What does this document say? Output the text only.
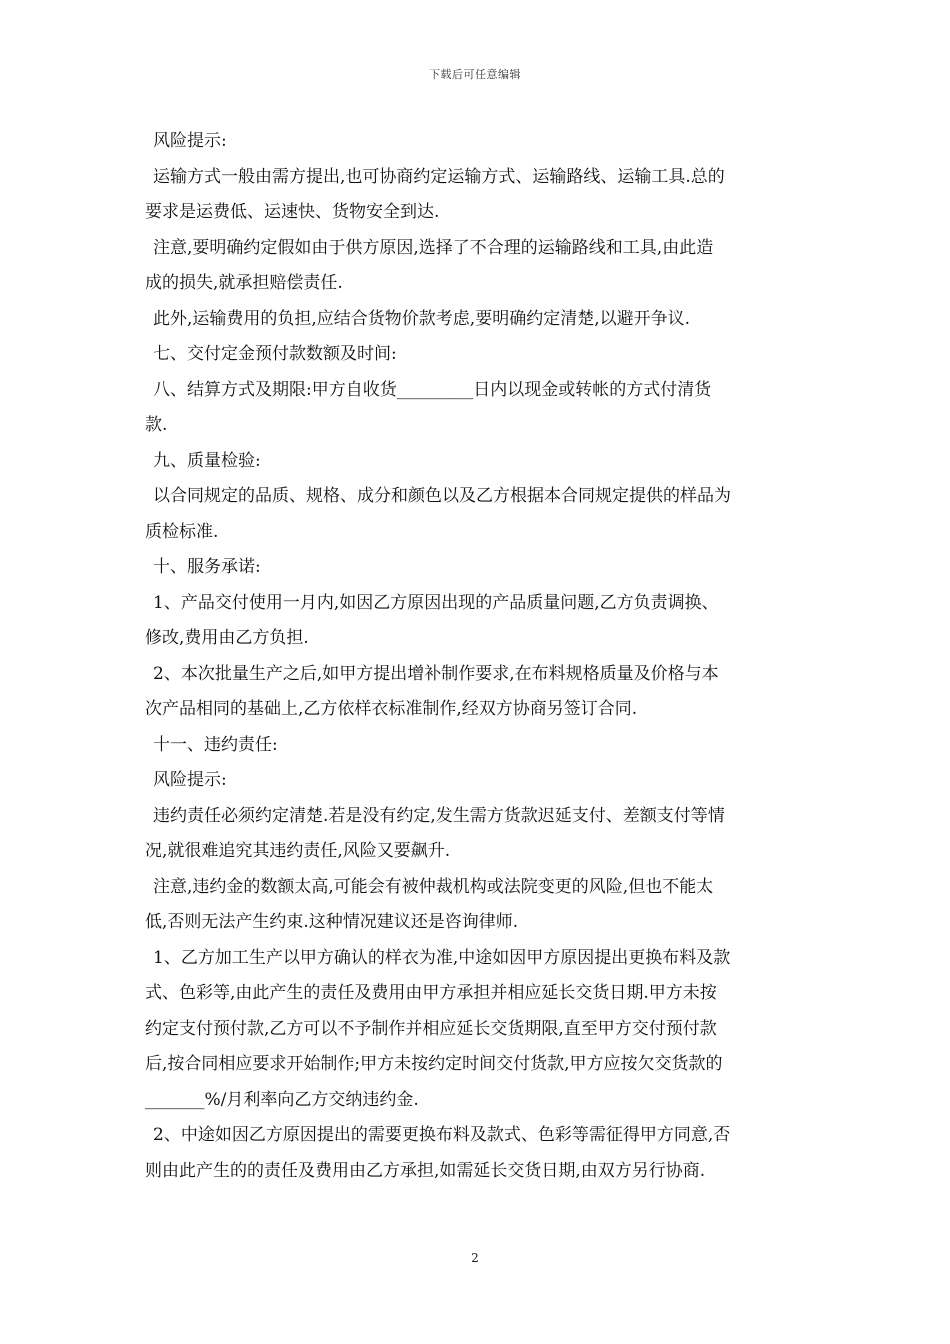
下载后可任意编辑
风险提示:
运输方式一般由需方提出,也可协商约定运输方式、运输路线、运输工具.总的
要求是运费低、运速快、货物安全到达.
注意,要明确约定假如由于供方原因,选择了不合理的运输路线和工具,由此造
成的损失,就承担赔偿责任.
此外,运输费用的负担,应结合货物价款考虑,要明确约定清楚,以避开争议.
七、交付定金预付款数额及时间:
八、结算方式及期限:甲方自收货_________日内以现金或转帐的方式付清货
款.
九、质量检验:
以合同规定的品质、规格、成分和颜色以及乙方根据本合同规定提供的样品为
质检标准.
十、服务承诺:
1、产品交付使用一月内,如因乙方原因出现的产品质量问题,乙方负责调换、
修改,费用由乙方负担.
2、本次批量生产之后,如甲方提出增补制作要求,在布料规格质量及价格与本
次产品相同的基础上,乙方依样衣标准制作,经双方协商另签订合同.
十一、违约责任:
风险提示:
违约责任必须约定清楚.若是没有约定,发生需方货款迟延支付、差额支付等情
况,就很难追究其违约责任,风险又要飙升.
注意,违约金的数额太高,可能会有被仲裁机构或法院变更的风险,但也不能太
低,否则无法产生约束.这种情况建议还是咨询律师.
1、乙方加工生产以甲方确认的样衣为准,中途如因甲方原因提出更换布料及款
式、色彩等,由此产生的责任及费用由甲方承担并相应延长交货日期.甲方未按
约定支付预付款,乙方可以不予制作并相应延长交货期限,直至甲方交付预付款
后,按合同相应要求开始制作;甲方未按约定时间交付货款,甲方应按欠交货款的
_______%/月利率向乙方交纳违约金.
2、中途如因乙方原因提出的需要更换布料及款式、色彩等需征得甲方同意,否
则由此产生的的责任及费用由乙方承担,如需延长交货日期,由双方另行协商.
2
